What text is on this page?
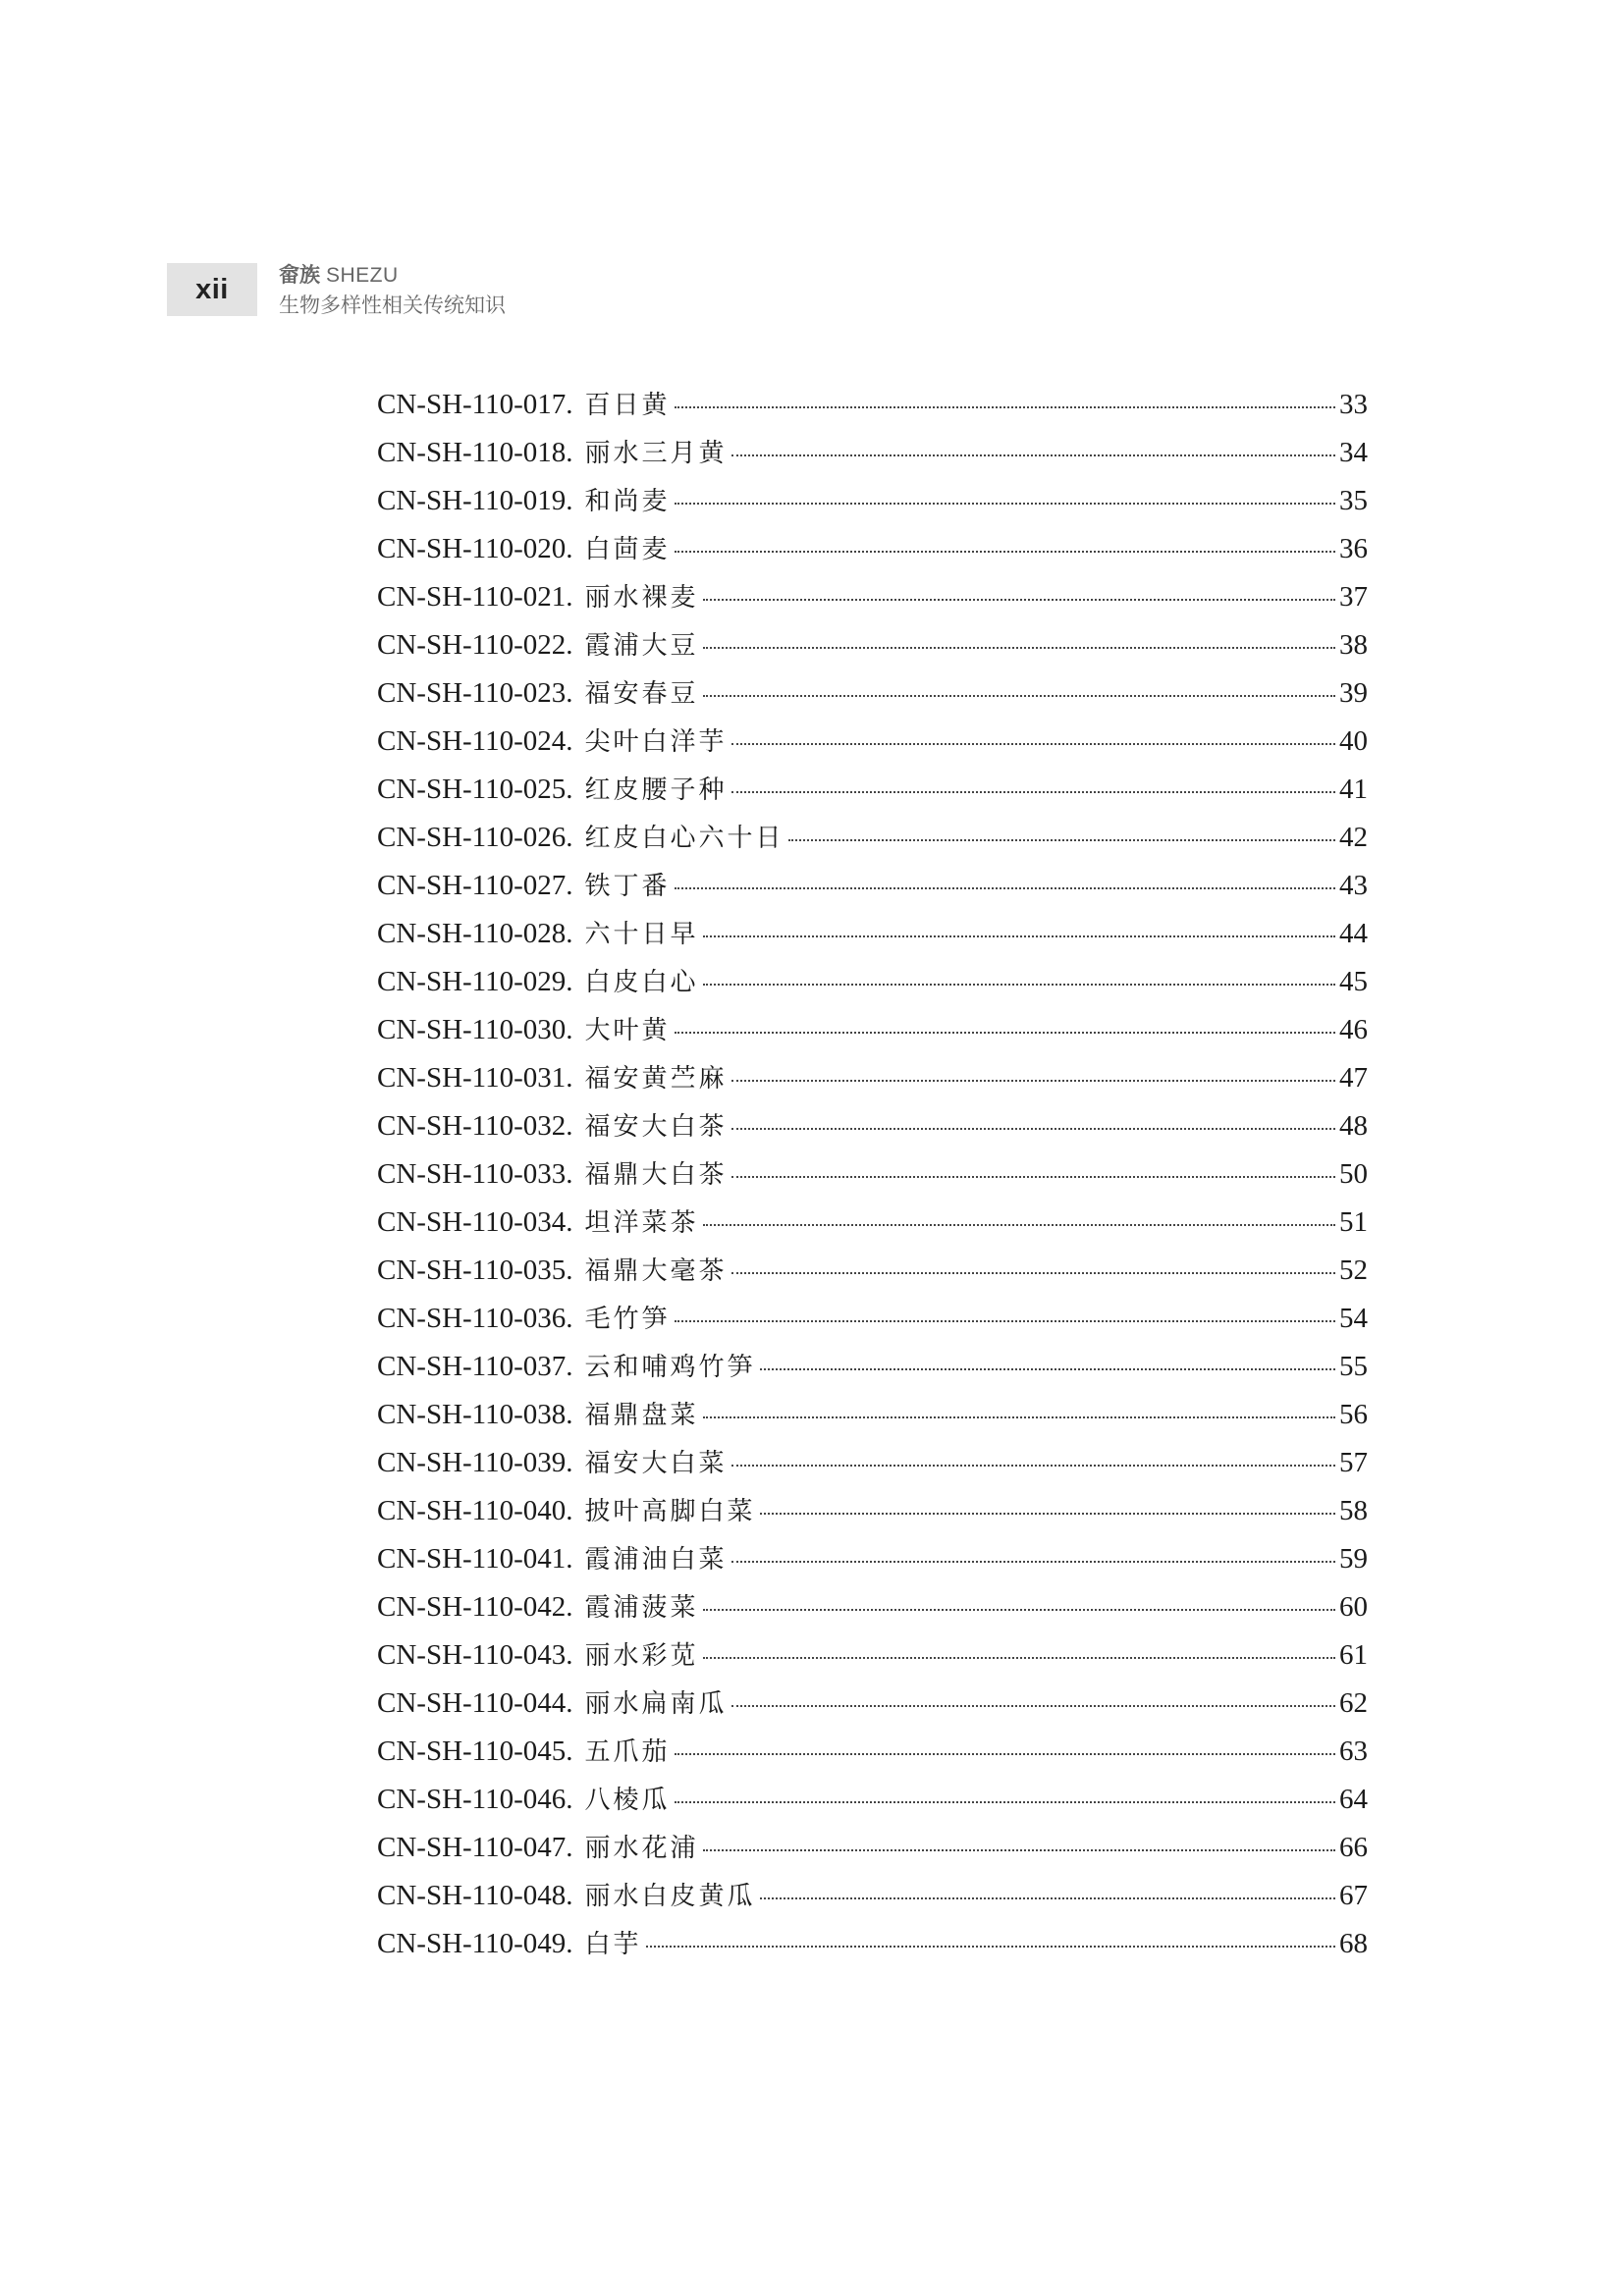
xii 畲族 SHEZU
生物多样性相关传统知识
CN-SH-110-017. 百日黄	33
CN-SH-110-018. 丽水三月黄	34
CN-SH-110-019. 和尚麦	35
CN-SH-110-020. 白茴麦	36
CN-SH-110-021. 丽水裸麦	37
CN-SH-110-022. 霞浦大豆	38
CN-SH-110-023. 福安春豆	39
CN-SH-110-024. 尖叶白洋芋	40
CN-SH-110-025. 红皮腰子种	41
CN-SH-110-026. 红皮白心六十日	42
CN-SH-110-027. 铁丁番	43
CN-SH-110-028. 六十日早	44
CN-SH-110-029. 白皮白心	45
CN-SH-110-030. 大叶黄	46
CN-SH-110-031. 福安黄苎麻	47
CN-SH-110-032. 福安大白茶	48
CN-SH-110-033. 福鼎大白茶	50
CN-SH-110-034. 坦洋菜茶	51
CN-SH-110-035. 福鼎大毫茶	52
CN-SH-110-036. 毛竹笋	54
CN-SH-110-037. 云和哺鸡竹笋	55
CN-SH-110-038. 福鼎盘菜	56
CN-SH-110-039. 福安大白菜	57
CN-SH-110-040. 披叶高脚白菜	58
CN-SH-110-041. 霞浦油白菜	59
CN-SH-110-042. 霞浦菠菜	60
CN-SH-110-043. 丽水彩苋	61
CN-SH-110-044. 丽水扁南瓜	62
CN-SH-110-045. 五爪茄	63
CN-SH-110-046. 八棱瓜	64
CN-SH-110-047. 丽水花浦	66
CN-SH-110-048. 丽水白皮黄瓜	67
CN-SH-110-049. 白芋	68
